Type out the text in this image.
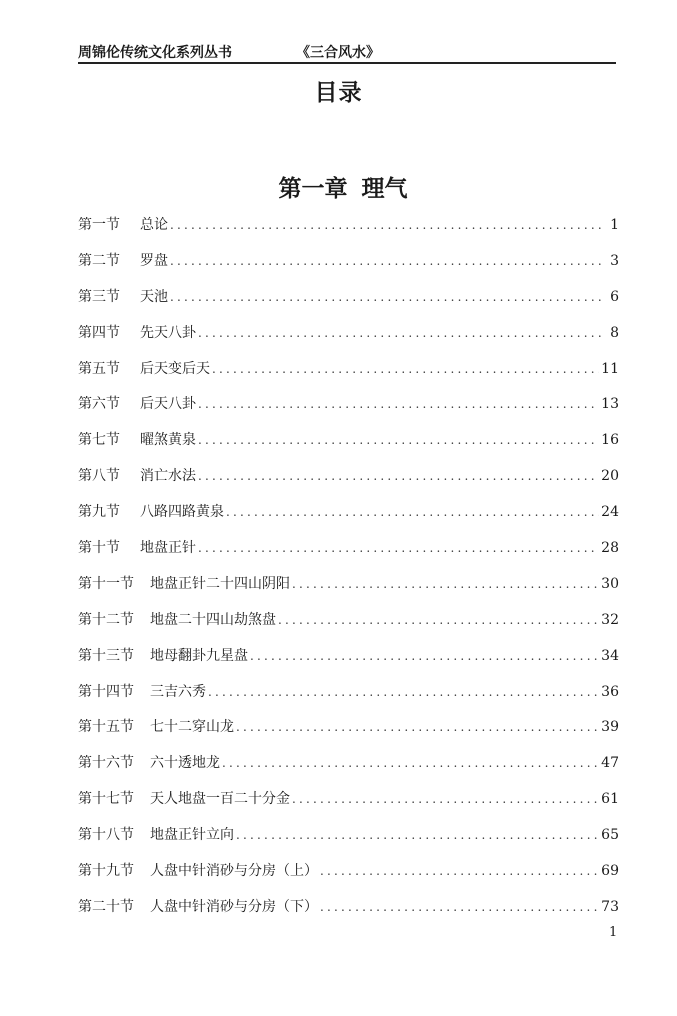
周锦伦传统文化系列丛书	《三合风水》
目录
第一章 理气
第一节	总论 .....	1
第二节	罗盘 .....	3
第三节	天池 .....	6
第四节	先天八卦 .....	8
第五节	后天变后天 .....	11
第六节	后天八卦 .....	13
第七节	曜煞黄泉 .....	16
第八节	消亡水法 .....	20
第九节	八路四路黄泉 .....	24
第十节	地盘正针 .....	28
第十一节	地盘正针二十四山阴阳 .....	30
第十二节	地盘二十四山劫煞盘 .....	32
第十三节	地母翻卦九星盘 .....	34
第十四节	三吉六秀 .....	36
第十五节	七十二穿山龙 .....	39
第十六节	六十透地龙 .....	47
第十七节	天人地盘一百二十分金 .....	61
第十八节	地盘正针立向 .....	65
第十九节	人盘中针消砂与分房（上） .....	69
第二十节	人盘中针消砂与分房（下） .....	73
1
